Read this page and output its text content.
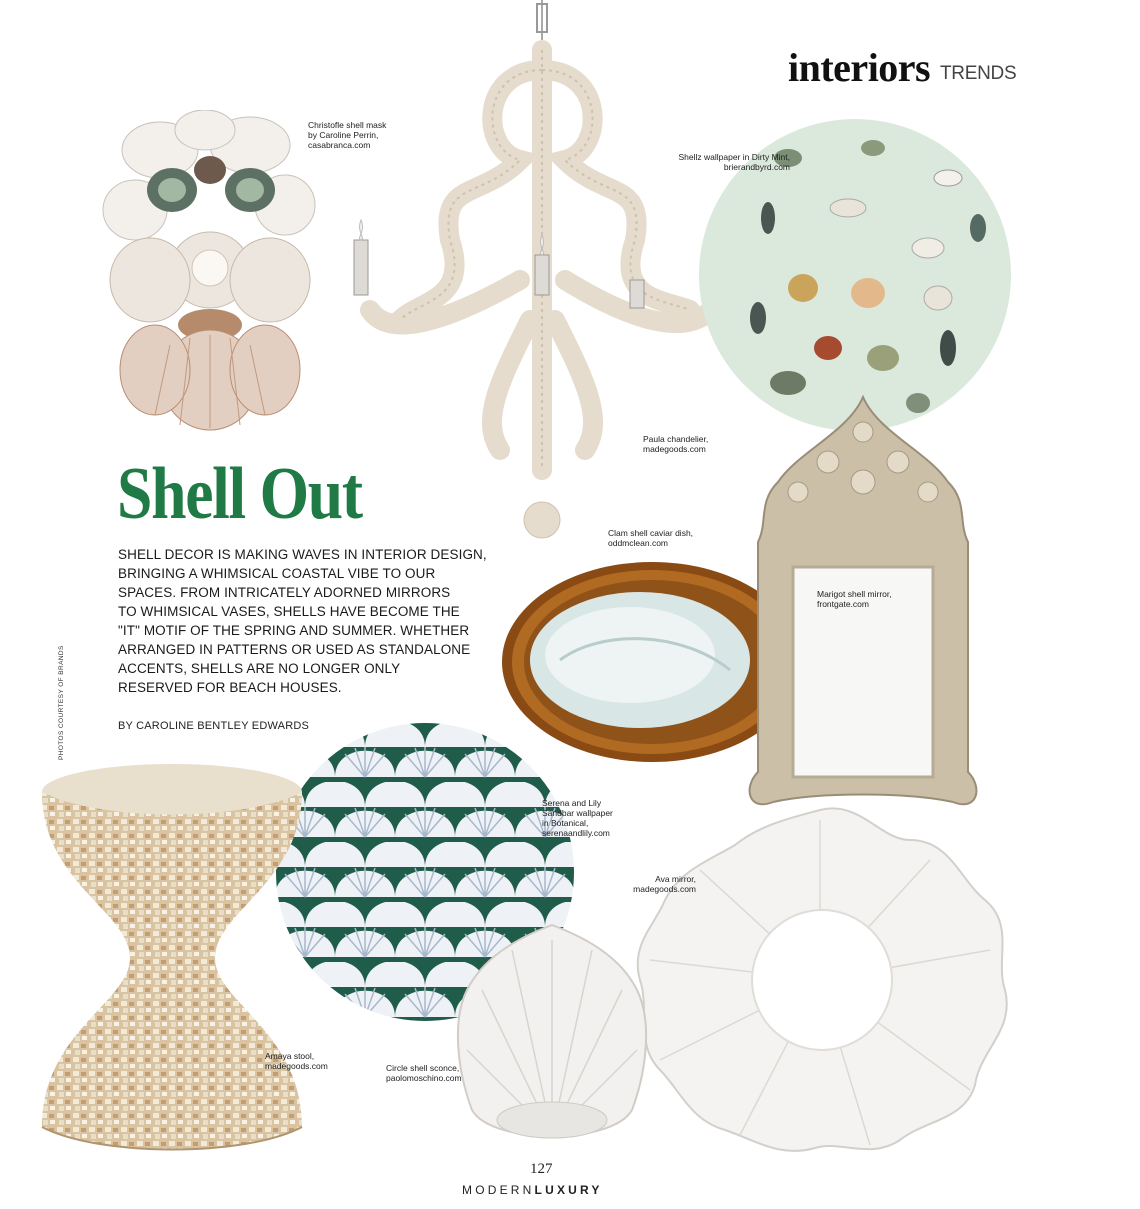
interiors TRENDS
Christofle shell mask
by Caroline Perrin,
casabranca.com
Paula chandelier,
madegoods.com
Shellz wallpaper in Dirty Mint,
brierandbyrd.com
Shell Out
SHELL DECOR IS MAKING WAVES IN INTERIOR DESIGN,
BRINGING A WHIMSICAL COASTAL VIBE TO OUR
SPACES. FROM INTRICATELY ADORNED MIRRORS
TO WHIMSICAL VASES, SHELLS HAVE BECOME THE
"IT" MOTIF OF THE SPRING AND SUMMER. WHETHER
ARRANGED IN PATTERNS OR USED AS STANDALONE
ACCENTS, SHELLS ARE NO LONGER ONLY
RESERVED FOR BEACH HOUSES.
BY CAROLINE BENTLEY EDWARDS
PHOTOS COURTESY OF BRANDS
Clam shell caviar dish,
oddmclean.com
Marigot shell mirror,
frontgate.com
Serena and Lily
Sandbar wallpaper
in Botanical,
serenaandlily.com
Amaya stool,
madegoods.com
Ava mirror,
madegoods.com
Circle shell sconce,
paolomoschino.com
127
MODERNLUXURY
